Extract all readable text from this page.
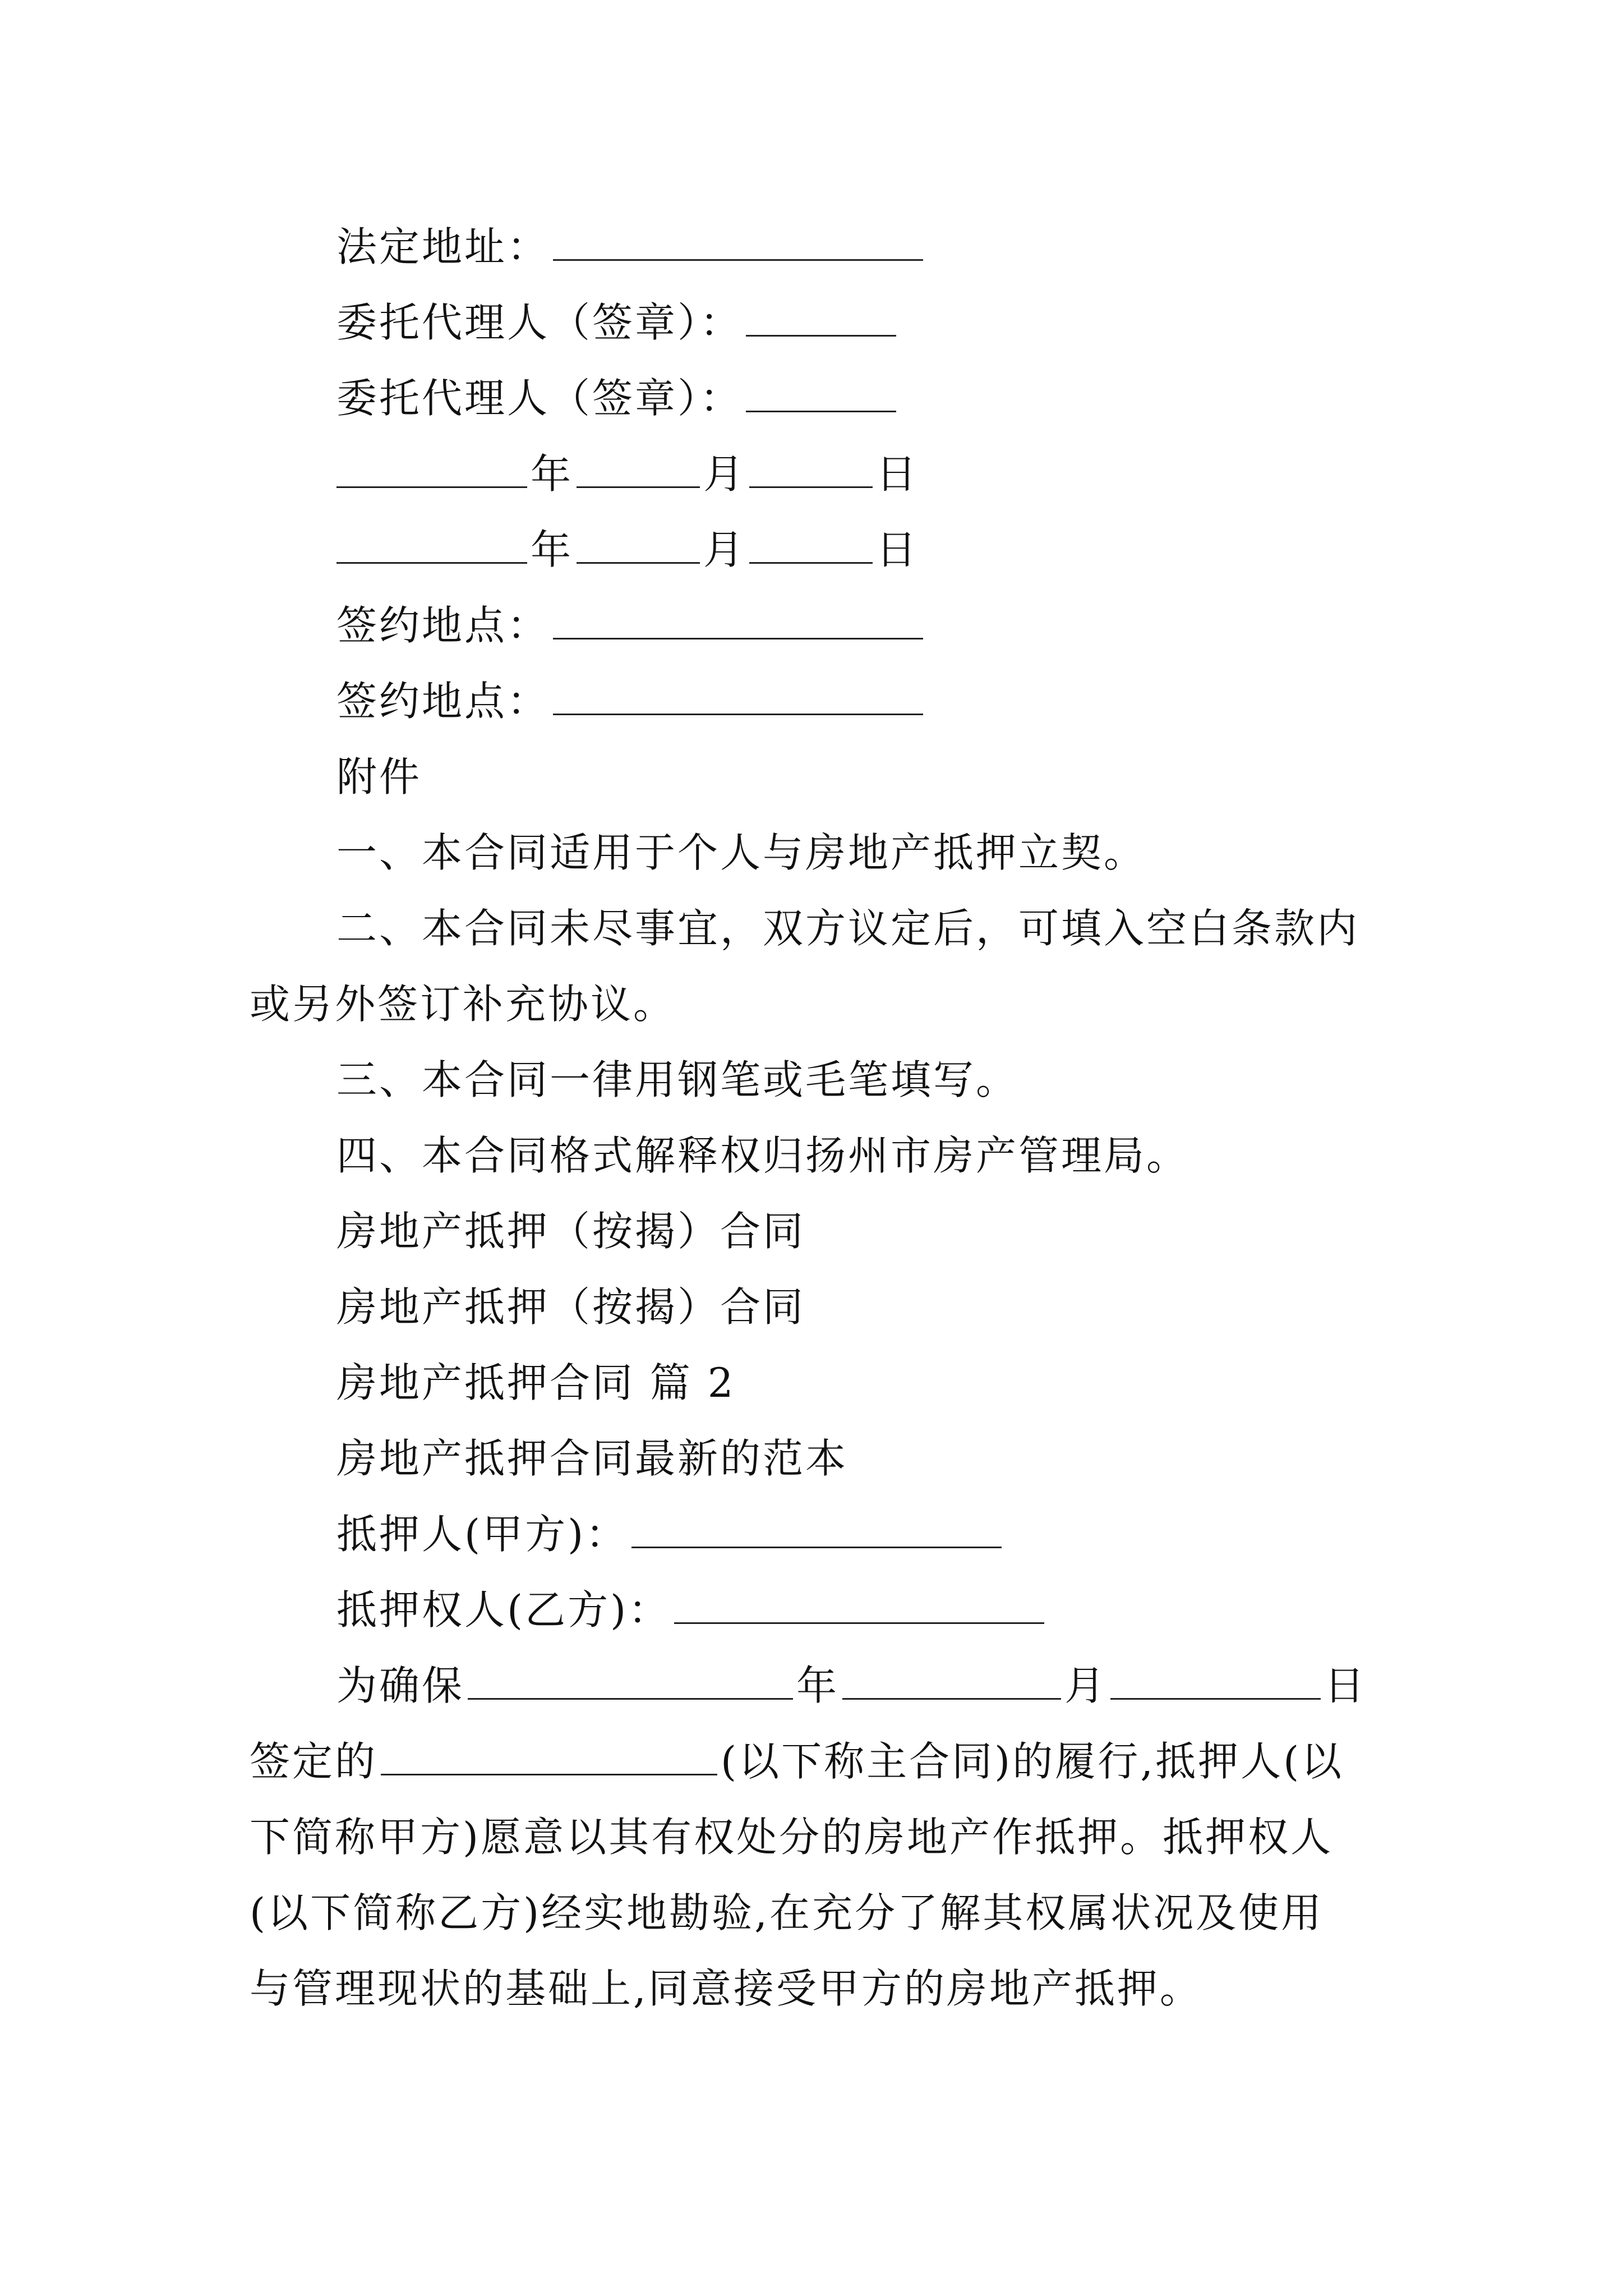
法定地址：
委托代理人（签章）：
委托代理人（签章）：
年	月	日
年	月	日
签约地点：
签约地点：
附件
一、本合同适用于个人与房地产抵押立契。
二、本合同未尽事宜，双方议定后，可填入空白条款内
或另外签订补充协议。
三、本合同一律用钢笔或毛笔填写。
四、本合同格式解释权归扬州市房产管理局。
房地产抵押（按揭）合同
房地产抵押（按揭）合同
房地产抵押合同 篇 2
房地产抵押合同最新的范本
抵押人(甲方)：
抵押权人(乙方)：
为确保	年	月	日
签定的	(以下称主合同)的履行,抵押人(以
下简称甲方)愿意以其有权处分的房地产作抵押。抵押权人
(以下简称乙方)经实地勘验,在充分了解其权属状况及使用
与管理现状的基础上,同意接受甲方的房地产抵押。
